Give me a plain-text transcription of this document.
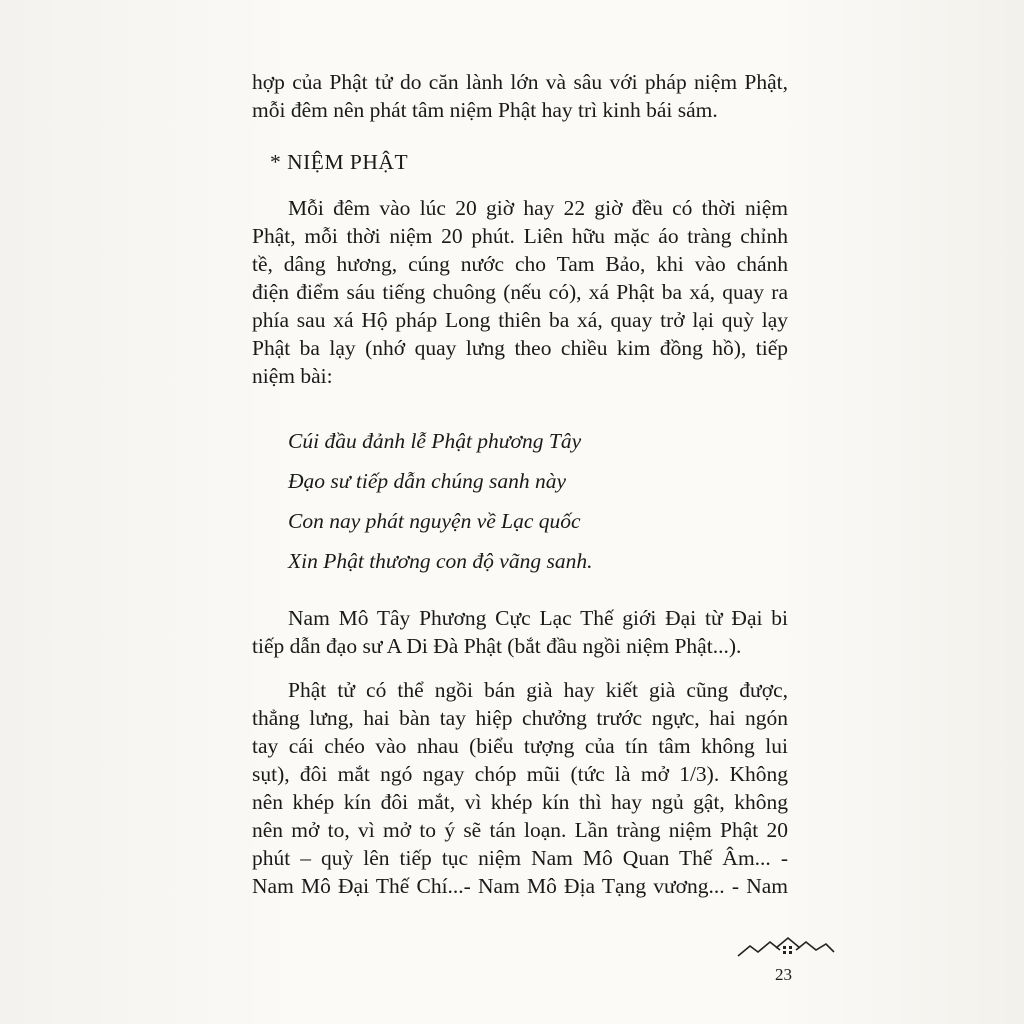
hợp của Phật tử do căn lành lớn và sâu với pháp niệm Phật,
mỗi đêm nên phát tâm niệm Phật hay trì kinh bái sám.
* NIỆM PHẬT
Mỗi đêm vào lúc 20 giờ hay 22 giờ đều có thời niệm
Phật, mỗi thời niệm 20 phút. Liên hữu mặc áo tràng chỉnh
tề, dâng hương, cúng nước cho Tam Bảo, khi vào chánh
điện điểm sáu tiếng chuông (nếu có), xá Phật ba xá, quay ra
phía sau xá Hộ pháp Long thiên ba xá, quay trở lại quỳ lạy
Phật ba lạy (nhớ quay lưng theo chiều kim đồng hồ), tiếp
niệm bài:
Cúi đầu đảnh lễ Phật phương Tây
Đạo sư tiếp dẫn chúng sanh này
Con nay phát nguyện về Lạc quốc
Xin Phật thương con độ vãng sanh.
Nam Mô Tây Phương Cực Lạc Thế giới Đại từ Đại bi
tiếp dẫn đạo sư A Di Đà Phật (bắt đầu ngồi niệm Phật...).
Phật tử có thể ngồi bán già hay kiết già cũng được,
thẳng lưng, hai bàn tay hiệp chưởng trước ngực, hai ngón
tay cái chéo vào nhau (biểu tượng của tín tâm không lui
sụt), đôi mắt ngó ngay chóp mũi (tức là mở 1/3). Không
nên khép kín đôi mắt, vì khép kín thì hay ngủ gật, không
nên mở to, vì mở to ý sẽ tán loạn. Lần tràng niệm Phật 20
phút – quỳ lên tiếp tục niệm Nam Mô Quan Thế Âm... -
Nam Mô Đại Thế Chí...- Nam Mô Địa Tạng vương... - Nam
23
